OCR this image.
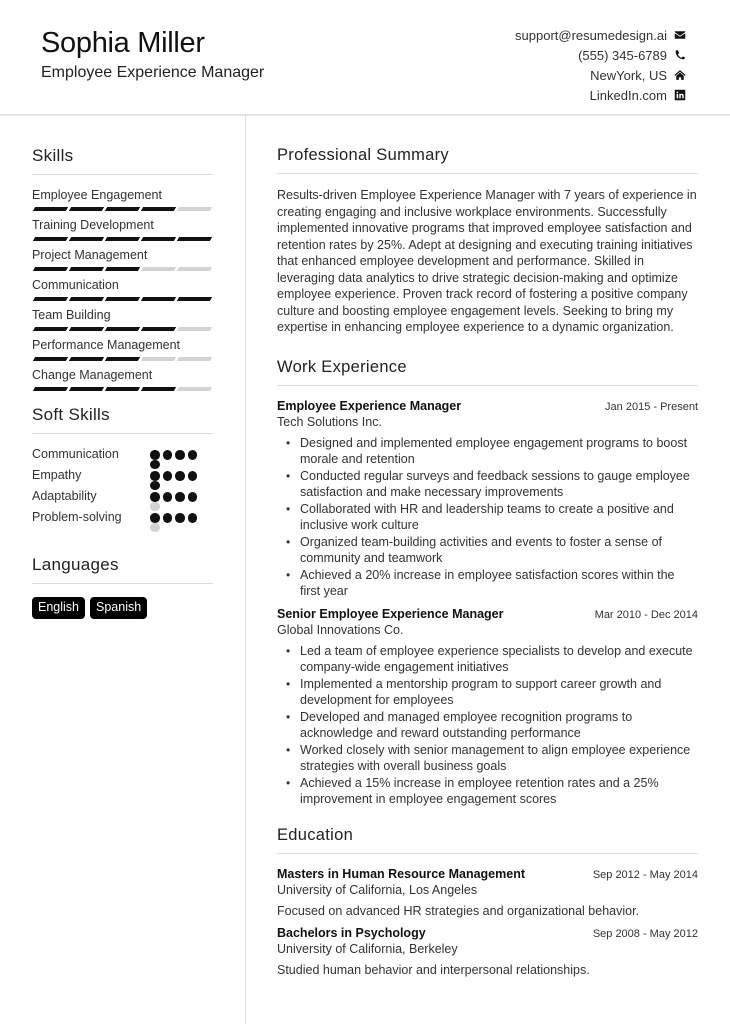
Sophia Miller
Employee Experience Manager
support@resumedesign.ai
(555) 345-6789
NewYork, US
LinkedIn.com
Skills
Employee Engagement
Training Development
Project Management
Communication
Team Building
Performance Management
Change Management
Soft Skills
Communication
Empathy
Adaptability
Problem-solving
Languages
English	Spanish
Professional Summary

Results-driven Employee Experience Manager with 7 years of experience in creating engaging and inclusive workplace environments. Successfully implemented innovative programs that improved employee satisfaction and retention rates by 25%. Adept at designing and executing training initiatives that enhanced employee development and performance. Skilled in leveraging data analytics to drive strategic decision-making and optimize employee experience. Proven track record of fostering a positive company culture and boosting employee engagement levels. Seeking to bring my expertise in enhancing employee experience to a dynamic organization.

Work Experience
Employee Experience Manager	Jan 2015 - Present
Tech Solutions Inc.
• Designed and implemented employee engagement programs to boost morale and retention
• Conducted regular surveys and feedback sessions to gauge employee satisfaction and make necessary improvements
• Collaborated with HR and leadership teams to create a positive and inclusive work culture
• Organized team-building activities and events to foster a sense of community and teamwork
• Achieved a 20% increase in employee satisfaction scores within the first year
Senior Employee Experience Manager	Mar 2010 - Dec 2014
Global Innovations Co.
• Led a team of employee experience specialists to develop and execute company-wide engagement initiatives
• Implemented a mentorship program to support career growth and development for employees
• Developed and managed employee recognition programs to acknowledge and reward outstanding performance
• Worked closely with senior management to align employee experience strategies with overall business goals
• Achieved a 15% increase in employee retention rates and a 25% improvement in employee engagement scores
Education
Masters in Human Resource Management	Sep 2012 - May 2014
University of California, Los Angeles
Focused on advanced HR strategies and organizational behavior.
Bachelors in Psychology	Sep 2008 - May 2012
University of California, Berkeley
Studied human behavior and interpersonal relationships.
